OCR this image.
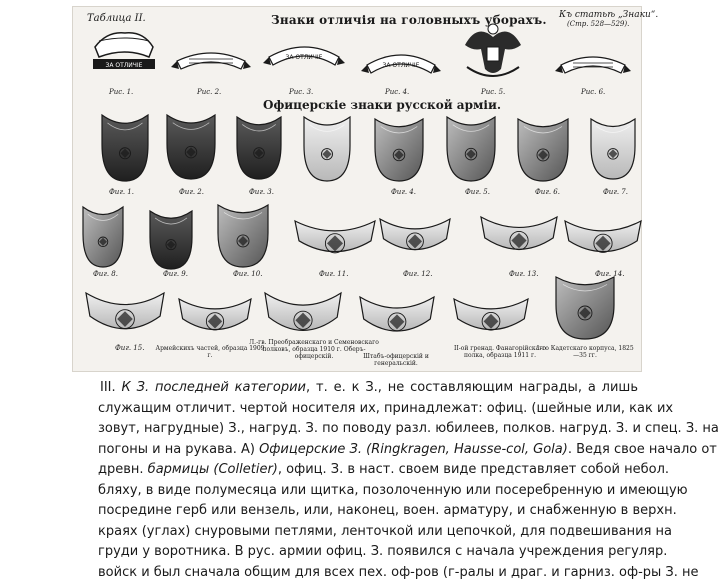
ЗА ОТЛИЧІЕ
ЗА ОТЛИЧІЕ
ЗА ОТЛИЧІЕ
Таблица II.	Знаки отличія на головныхъ уборахъ. Къ статьѣ „Знаки“.
(Стр. 528—529).
Офицерскіе знаки русской арміи.
Рис. 1.	Рис. 2.	Рис. 3.	Рис. 4.	Рис. 5.	Рис. 6.
Фиг. 1.	Фиг. 2.	Фиг. 3.	Фиг. 4.	Фиг. 5.	Фиг. 6.	Фиг. 7.
Фиг. 8.	Фиг. 9.	Фиг. 10.	Фиг. 11.	Фиг. 12.	Фиг. 13.	Фиг. 14.
Фиг. 15. Армейскихъ частей, образца 1909 г.
Л.-гв. Преображенскаго и Семеновскаго полковъ, образца 1910 г. Оберъ-офицерскій.	Штабъ-офицерскій и генеральскій.
II-ой гренад. Фанагорійскаго полка, образца 1911 г.
1-го Кадетскаго корпуса, 1825—35 гг.
III. К З. последней категории, т. е. к З., не составляющим награды, а лишь
служащим отличит. чертой носителя их, принадлежат: офиц. (шейные или, как их
зовут, нагрудные) З., нагруд. З. по поводу разл. юбилеев, полков. нагруд. З. и спец. З. на
погоны и на рукава. А) Офицерские З. (Ringkragen, Hausse-col, Gola). Ведя свое начало от
древн. бармицы (Colletier), офиц. З. в наст. своем виде представляет собой небол.
бляху, в виде полумесяца или щитка, позолоченную или посеребренную и имеющую
посредине герб или вензель, или, наконец, воен. арматуру, и снабженную в верхн.
краях (углах) снуровыми петлями, ленточкой или цепочкой, для подвешивания на
груди у воротника. В рус. армии офиц. З. появился с начала учреждения регуляр.
войск и был сначала общим для всех пех. оф-ров (г-ралы и драг. и гарниз. оф-ры З. не
